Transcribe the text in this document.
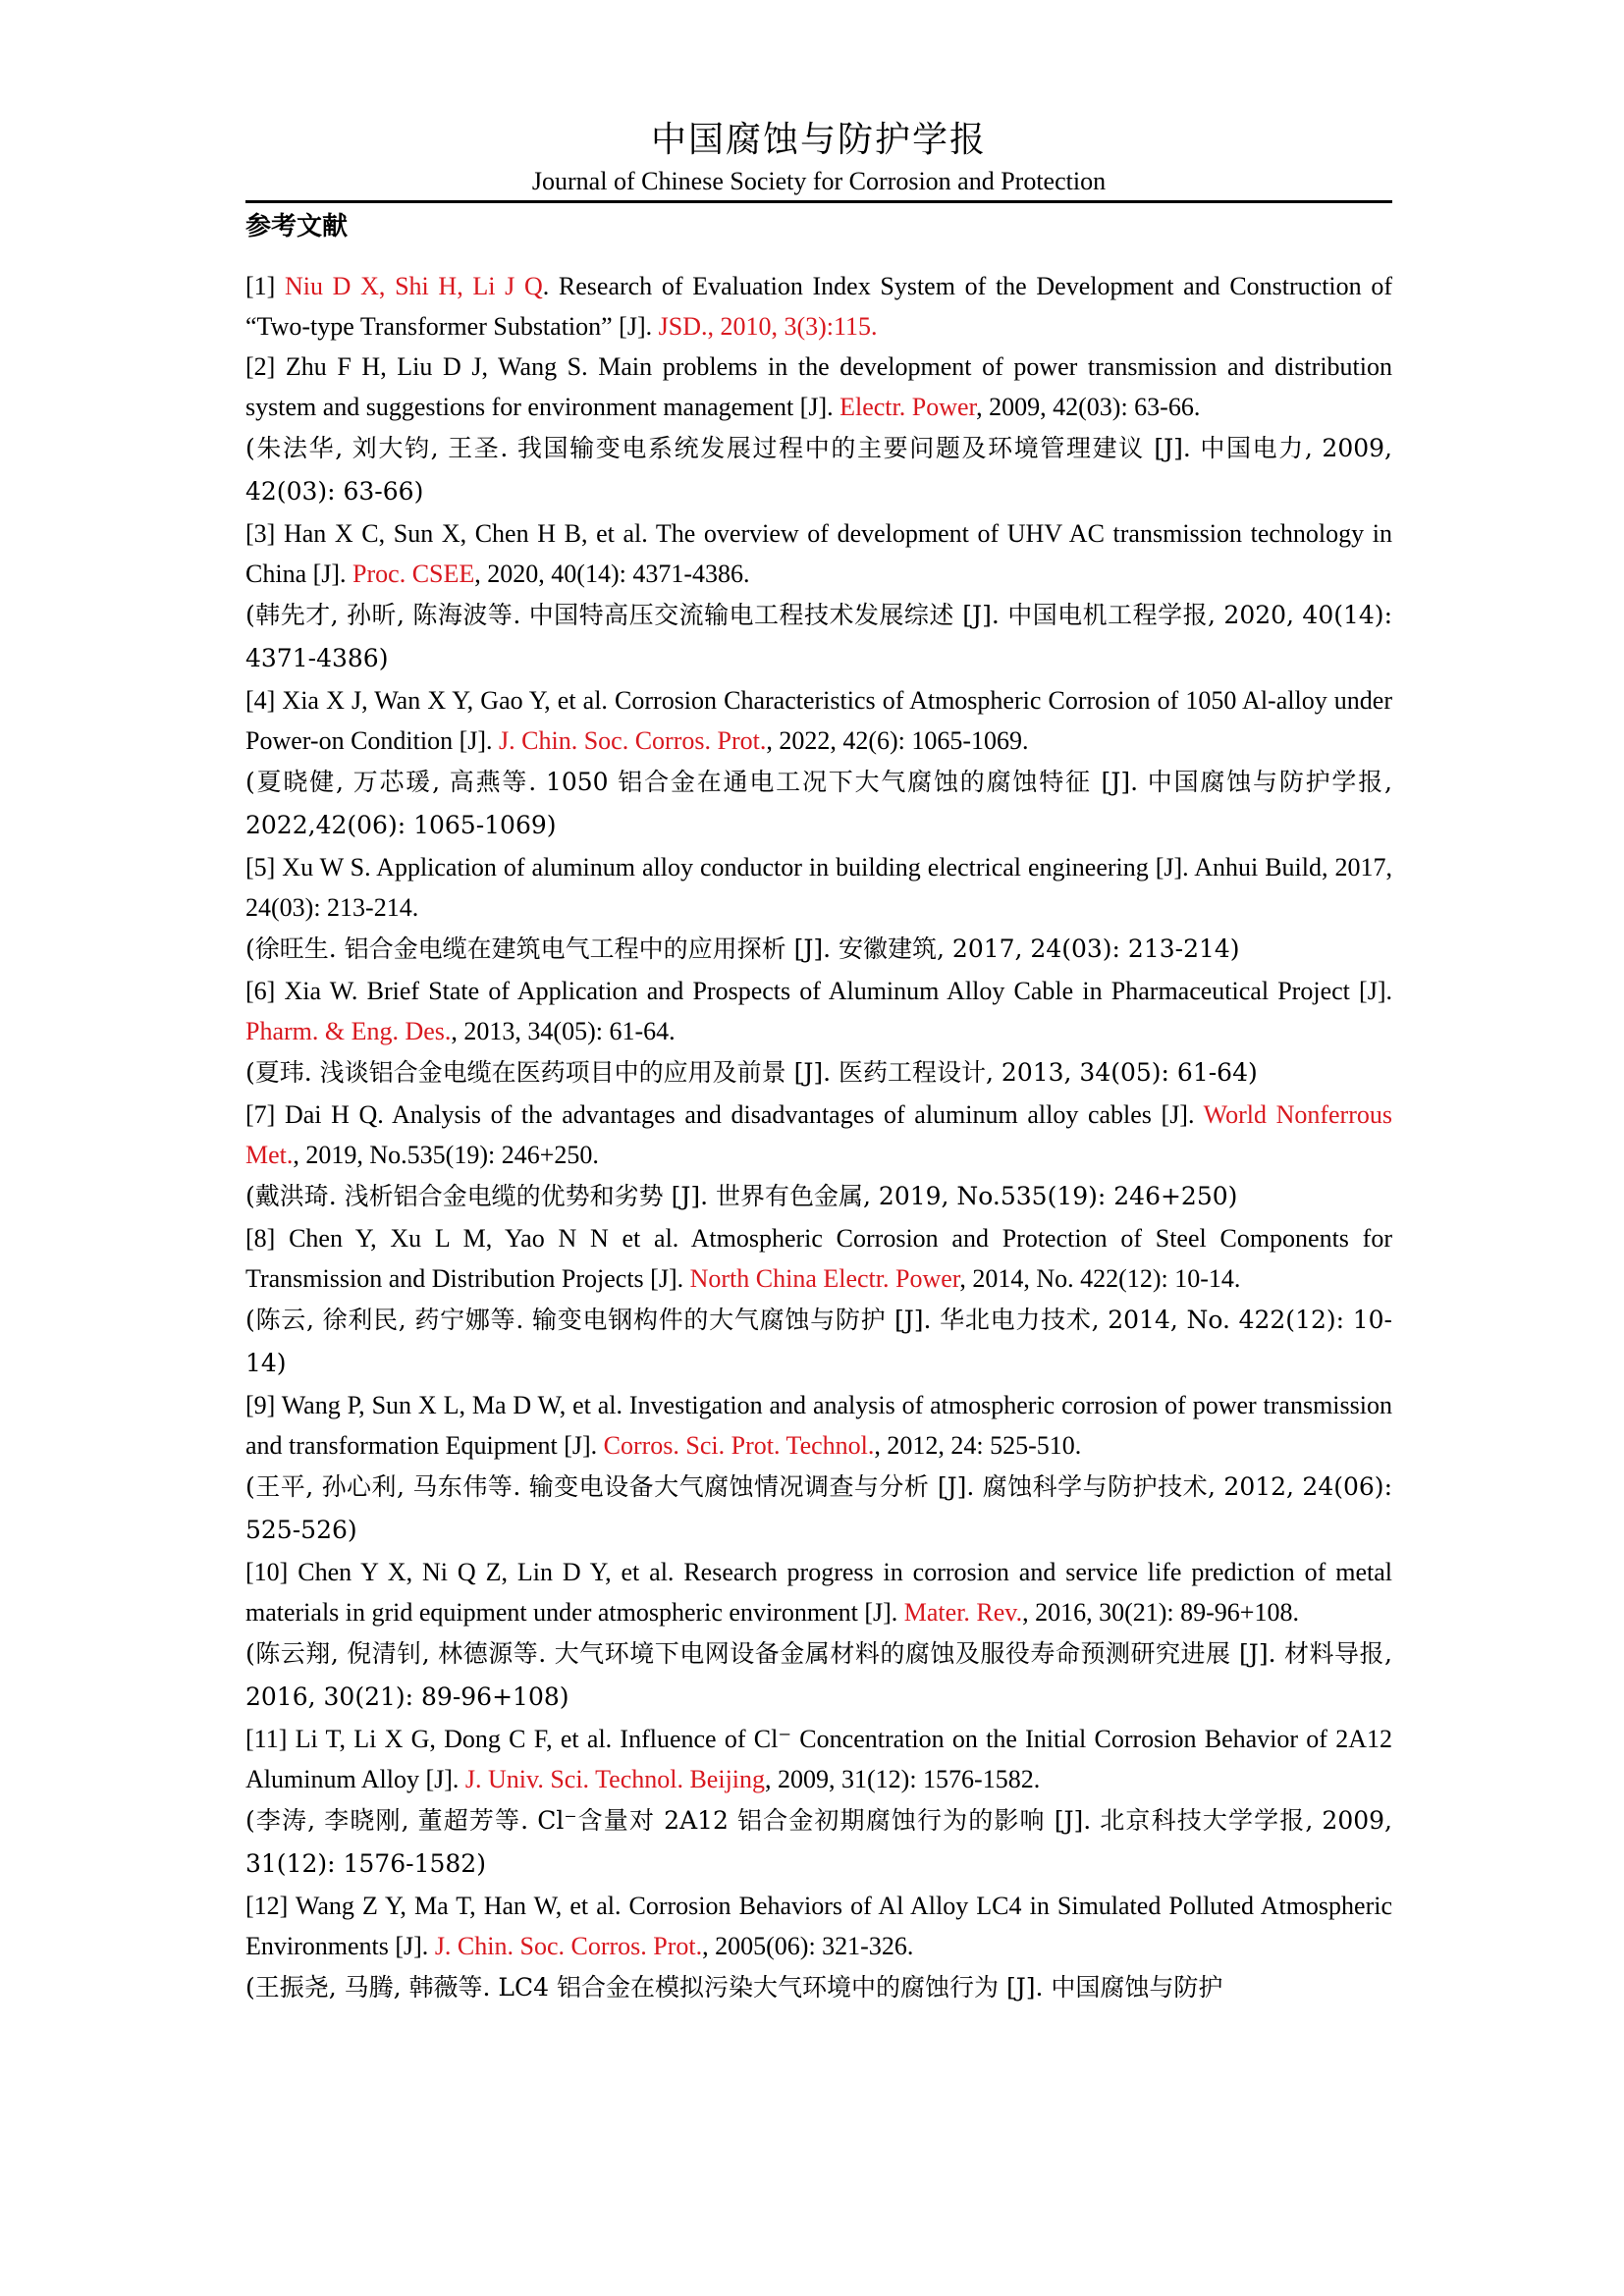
中国腐蚀与防护学报
Journal of Chinese Society for Corrosion and Protection
参考文献
[1] Niu D X, Shi H, Li J Q. Research of Evaluation Index System of the Development and Construction of “Two-type Transformer Substation” [J]. JSD., 2010, 3(3):115.
[2] Zhu F H, Liu D J, Wang S. Main problems in the development of power transmission and distribution system and suggestions for environment management [J]. Electr. Power, 2009, 42(03): 63-66.
(朱法华, 刘大钧, 王圣. 我国输变电系统发展过程中的主要问题及环境管理建议 [J]. 中国电力, 2009, 42(03): 63-66)
[3] Han X C, Sun X, Chen H B, et al. The overview of development of UHV AC transmission technology in China [J]. Proc. CSEE, 2020, 40(14): 4371-4386.
(韩先才, 孙昕, 陈海波等. 中国特高压交流输电工程技术发展综述 [J]. 中国电机工程学报, 2020, 40(14): 4371-4386)
[4] Xia X J, Wan X Y, Gao Y, et al. Corrosion Characteristics of Atmospheric Corrosion of 1050 Al-alloy under Power-on Condition [J]. J. Chin. Soc. Corros. Prot., 2022, 42(6): 1065-1069.
(夏晓健, 万芯瑗, 高燕等. 1050 铝合金在通电工况下大气腐蚀的腐蚀特征 [J]. 中国腐蚀与防护学报, 2022,42(06): 1065-1069)
[5] Xu W S. Application of aluminum alloy conductor in building electrical engineering [J]. Anhui Build, 2017, 24(03): 213-214.
(徐旺生. 铝合金电缆在建筑电气工程中的应用探析 [J]. 安徽建筑, 2017, 24(03): 213-214)
[6] Xia W. Brief State of Application and Prospects of Aluminum Alloy Cable in Pharmaceutical Project [J]. Pharm. & Eng. Des., 2013, 34(05): 61-64.
(夏玮. 浅谈铝合金电缆在医药项目中的应用及前景 [J]. 医药工程设计, 2013, 34(05): 61-64)
[7] Dai H Q. Analysis of the advantages and disadvantages of aluminum alloy cables [J]. World Nonferrous Met., 2019, No.535(19): 246+250.
(戴洪琦. 浅析铝合金电缆的优势和劣势 [J]. 世界有色金属, 2019, No.535(19): 246+250)
[8] Chen Y, Xu L M, Yao N N et al. Atmospheric Corrosion and Protection of Steel Components for Transmission and Distribution Projects [J]. North China Electr. Power, 2014, No. 422(12): 10-14.
(陈云, 徐利民, 药宁娜等. 输变电钢构件的大气腐蚀与防护 [J]. 华北电力技术, 2014, No. 422(12): 10-14)
[9] Wang P, Sun X L, Ma D W, et al. Investigation and analysis of atmospheric corrosion of power transmission and transformation Equipment [J]. Corros. Sci. Prot. Technol., 2012, 24: 525-510.
(王平, 孙心利, 马东伟等. 输变电设备大气腐蚀情况调查与分析 [J]. 腐蚀科学与防护技术, 2012, 24(06): 525-526)
[10] Chen Y X, Ni Q Z, Lin D Y, et al. Research progress in corrosion and service life prediction of metal materials in grid equipment under atmospheric environment [J]. Mater. Rev., 2016, 30(21): 89-96+108.
(陈云翔, 倪清钊, 林德源等. 大气环境下电网设备金属材料的腐蚀及服役寿命预测研究进展 [J]. 材料导报, 2016, 30(21): 89-96+108)
[11] Li T, Li X G, Dong C F, et al. Influence of Cl⁻ Concentration on the Initial Corrosion Behavior of 2A12 Aluminum Alloy [J]. J. Univ. Sci. Technol. Beijing, 2009, 31(12): 1576-1582.
(李涛, 李晓刚, 董超芳等. Cl⁻含量对 2A12 铝合金初期腐蚀行为的影响 [J]. 北京科技大学学报, 2009, 31(12): 1576-1582)
[12] Wang Z Y, Ma T, Han W, et al. Corrosion Behaviors of Al Alloy LC4 in Simulated Polluted Atmospheric Environments [J]. J. Chin. Soc. Corros. Prot., 2005(06): 321-326.
(王振尧, 马腾, 韩薇等. LC4 铝合金在模拟污染大气环境中的腐蚀行为 [J]. 中国腐蚀与防护
